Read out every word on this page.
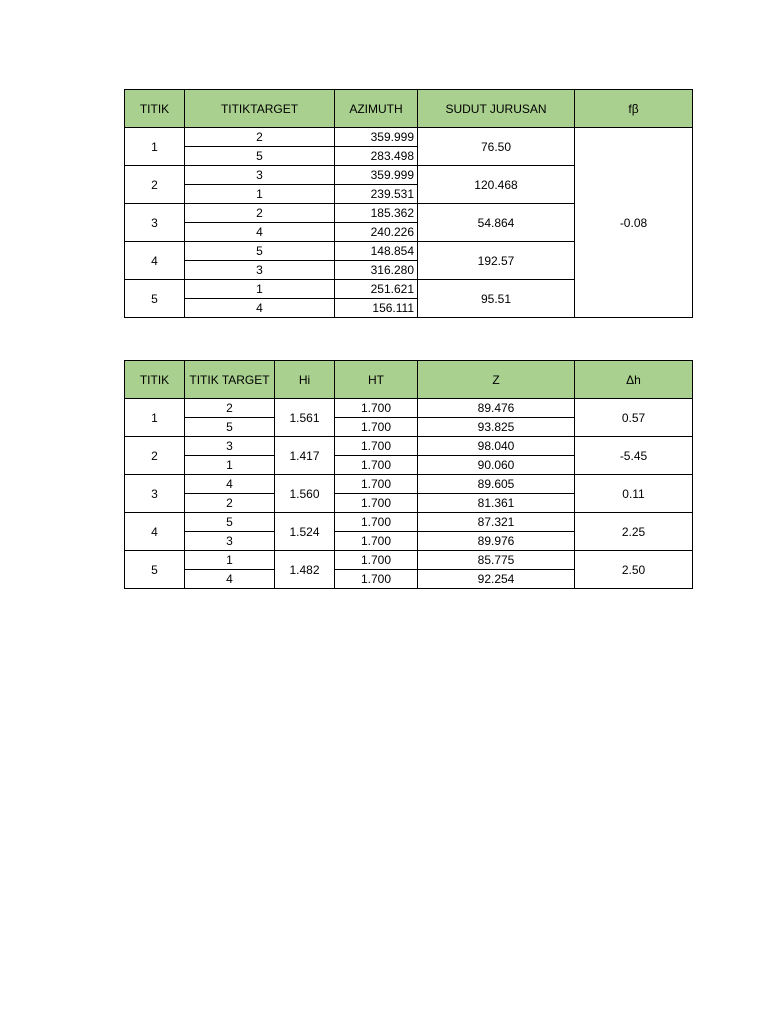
TITIK	TITIKTARGET	AZIMUTH	SUDUT JURUSAN	fβ
1	2	359.999	76.50	-0.08
	5	283.498		
2	3	359.999	120.468	
	1	239.531		
3	2	185.362	54.864	
	4	240.226		
4	5	148.854	192.57	
	3	316.280		
5	1	251.621	95.51	
	4	156.111		
TITIK	TITIK TARGET	Hi	HT	Z	Δh
1	2	1.561	1.700	89.476	0.57
	5		1.700	93.825	
2	3	1.417	1.700	98.040	-5.45
	1		1.700	90.060	
3	4	1.560	1.700	89.605	0.11
	2		1.700	81.361	
4	5	1.524	1.700	87.321	2.25
	3		1.700	89.976	
5	1	1.482	1.700	85.775	2.50
	4		1.700	92.254	
